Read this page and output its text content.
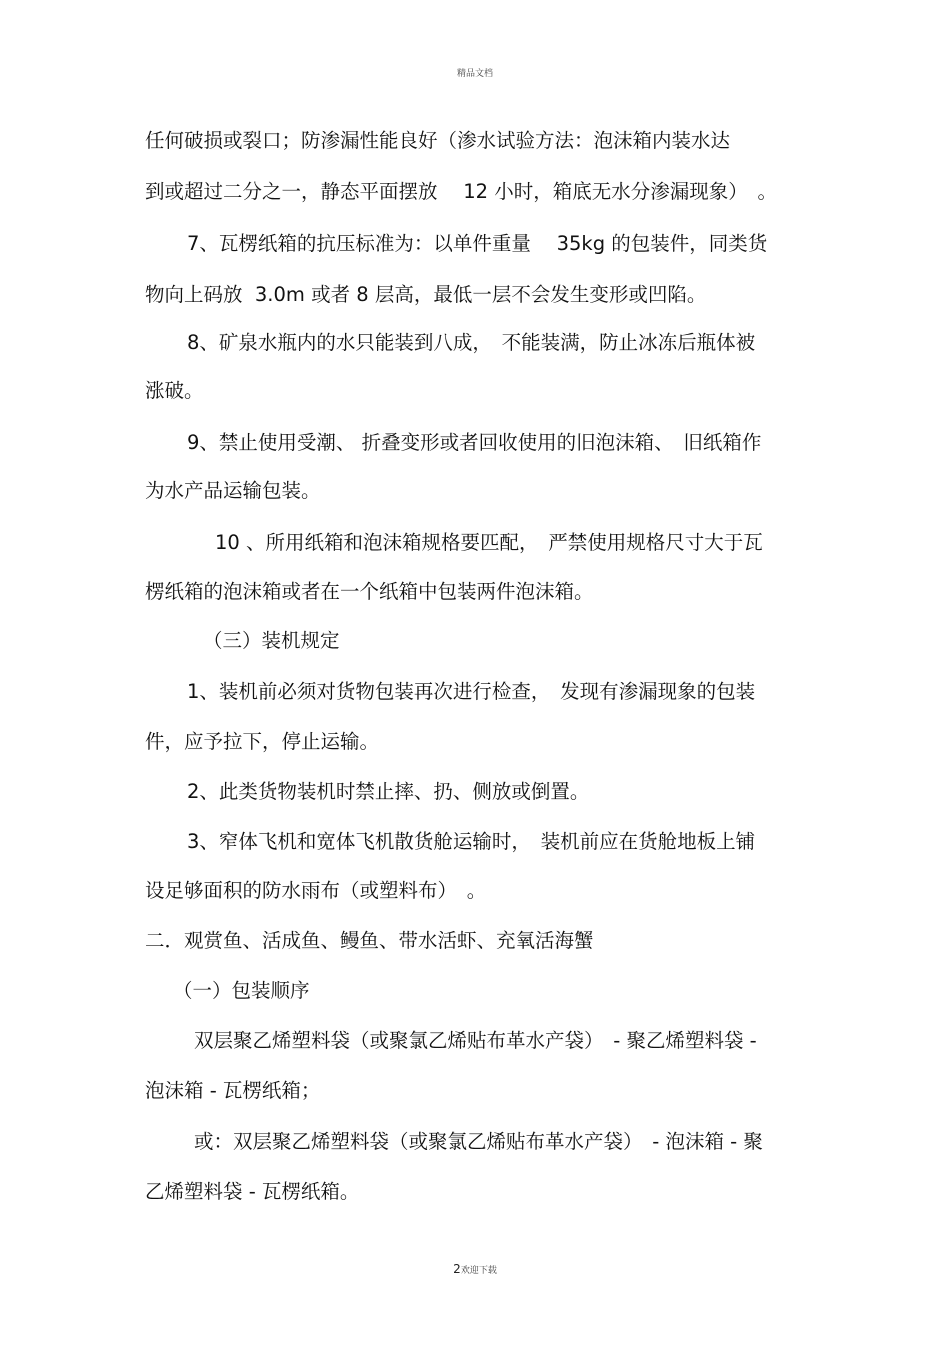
精品文档
任何破损或裂口；防渗漏性能良好（渗水试验方法：泡沫箱内装水达
到或超过二分之一，静态平面摆放　 12 小时，箱底无水分渗漏现象）　。
7、瓦楞纸箱的抗压标准为：以单件重量　 35kg 的包装件，同类货
物向上码放  3.0m 或者 8 层高，最低一层不会发生变形或凹陷。
8、矿泉水瓶内的水只能装到八成，　不能装满，防止冰冻后瓶体被
涨破。
9、禁止使用受潮、 折叠变形或者回收使用的旧泡沫箱、　旧纸箱作
为水产品运输包装。
10 、所用纸箱和泡沫箱规格要匹配，　严禁使用规格尺寸大于瓦
楞纸箱的泡沫箱或者在一个纸箱中包装两件泡沫箱。
（三）装机规定
1、装机前必须对货物包装再次进行检查，　发现有渗漏现象的包装
件，应予拉下，停止运输。
2、此类货物装机时禁止摔、扔、侧放或倒置。
3、窄体飞机和宽体飞机散货舱运输时，　装机前应在货舱地板上铺
设足够面积的防水雨布（或塑料布）　。
二．观赏鱼、活成鱼、鳗鱼、带水活虾、充氧活海蟹
（一）包装顺序
双层聚乙烯塑料袋（或聚氯乙烯贴布革水产袋）　- 聚乙烯塑料袋 -
泡沫箱 - 瓦楞纸箱；
或：双层聚乙烯塑料袋（或聚氯乙烯贴布革水产袋）　- 泡沫箱 - 聚
乙烯塑料袋 - 瓦楞纸箱。
2欢迎下载
